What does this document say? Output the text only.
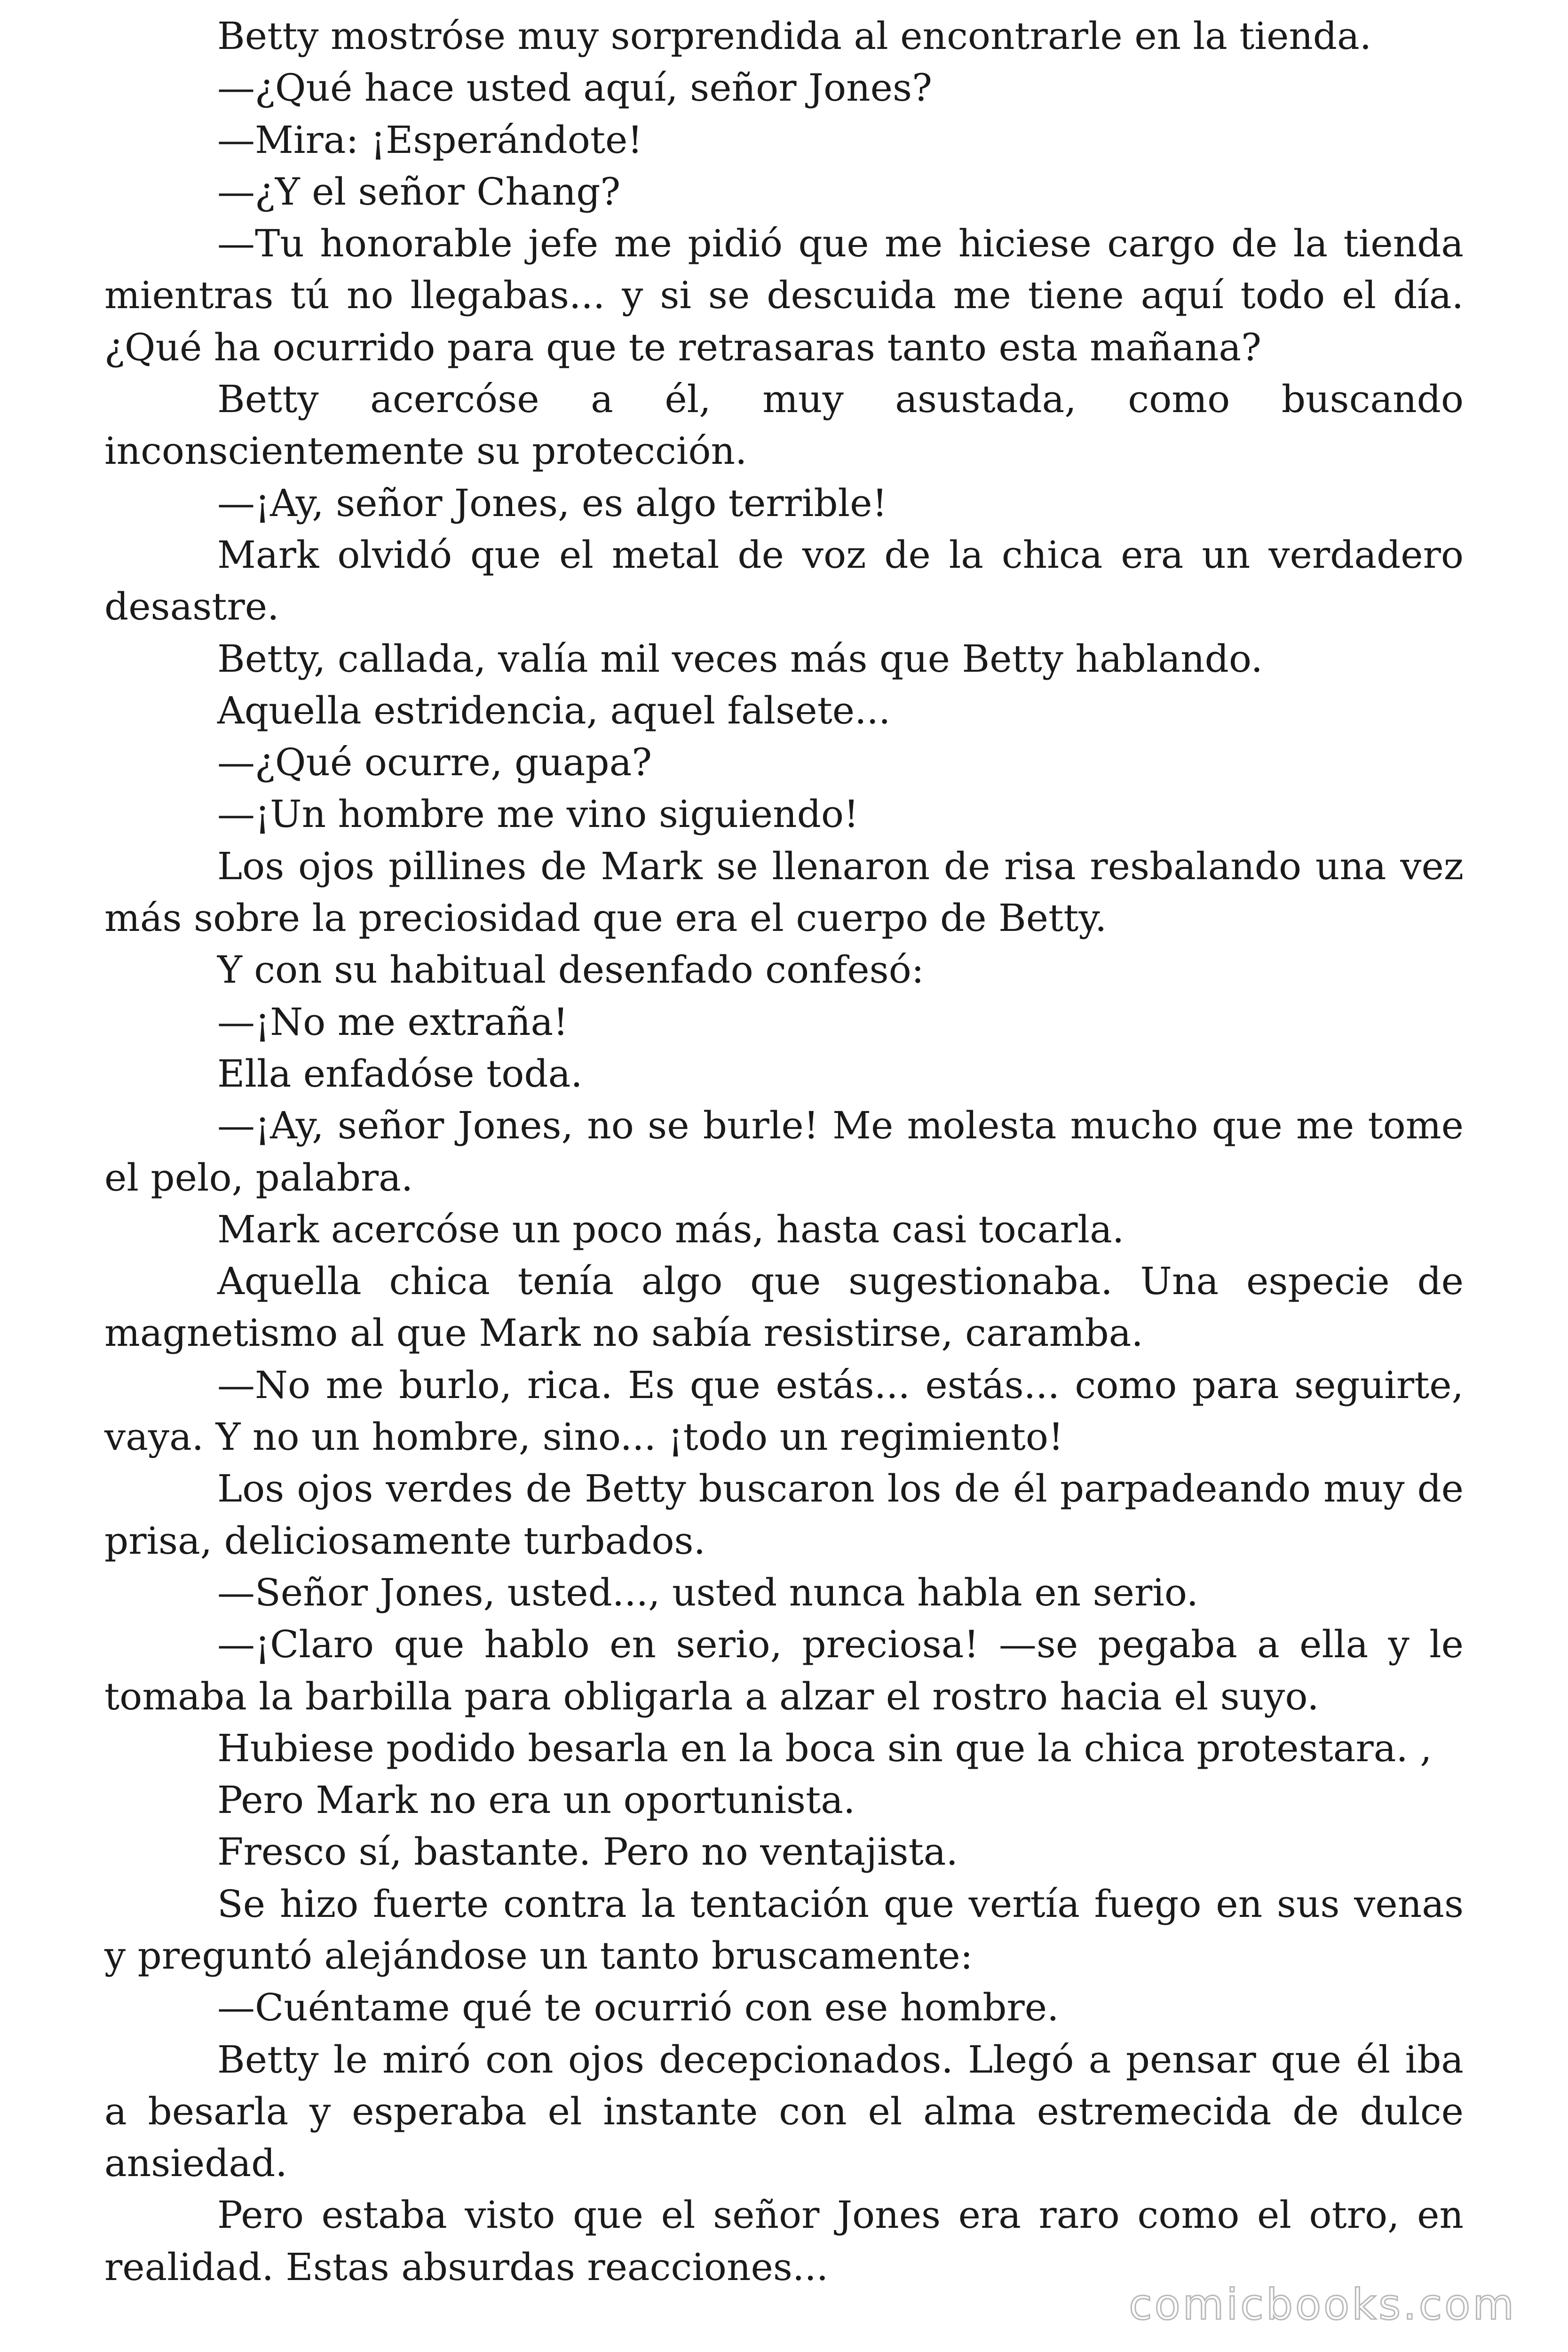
Betty mostróse muy sorprendida al encontrarle en la tienda.

—¿Qué hace usted aquí, señor Jones?

—Mira: ¡Esperándote!

—¿Y el señor Chang?

—Tu honorable jefe me pidió que me hiciese cargo de la tienda mientras tú no llegabas... y si se descuida me tiene aquí todo el día. ¿Qué ha ocurrido para que te retrasaras tanto esta mañana?

Betty acercóse a él, muy asustada, como buscando inconscientemente su protección.

—¡Ay, señor Jones, es algo terrible!

Mark olvidó que el metal de voz de la chica era un verdadero desastre.

Betty, callada, valía mil veces más que Betty hablando.

Aquella estridencia, aquel falsete...

—¿Qué ocurre, guapa?

—¡Un hombre me vino siguiendo!

Los ojos pillines de Mark se llenaron de risa resbalando una vez más sobre la preciosidad que era el cuerpo de Betty.

Y con su habitual desenfado confesó:

—¡No me extraña!

Ella enfadóse toda.

—¡Ay, señor Jones, no se burle! Me molesta mucho que me tome el pelo, palabra.

Mark acercóse un poco más, hasta casi tocarla.

Aquella chica tenía algo que sugestionaba. Una especie de magnetismo al que Mark no sabía resistirse, caramba.

—No me burlo, rica. Es que estás... estás... como para seguirte, vaya. Y no un hombre, sino... ¡todo un regimiento!

Los ojos verdes de Betty buscaron los de él parpadeando muy de prisa, deliciosamente turbados.

—Señor Jones, usted..., usted nunca habla en serio.

—¡Claro que hablo en serio, preciosa! —se pegaba a ella y le tomaba la barbilla para obligarla a alzar el rostro hacia el suyo.

Hubiese podido besarla en la boca sin que la chica protestara. ,

Pero Mark no era un oportunista.

Fresco sí, bastante. Pero no ventajista.

Se hizo fuerte contra la tentación que vertía fuego en sus venas y preguntó alejándose un tanto bruscamente:

—Cuéntame qué te ocurrió con ese hombre.

Betty le miró con ojos decepcionados. Llegó a pensar que él iba a besarla y esperaba el instante con el alma estremecida de dulce ansiedad.

Pero estaba visto que el señor Jones era raro como el otro, en realidad. Estas absurdas reacciones...

comicbooks.com
